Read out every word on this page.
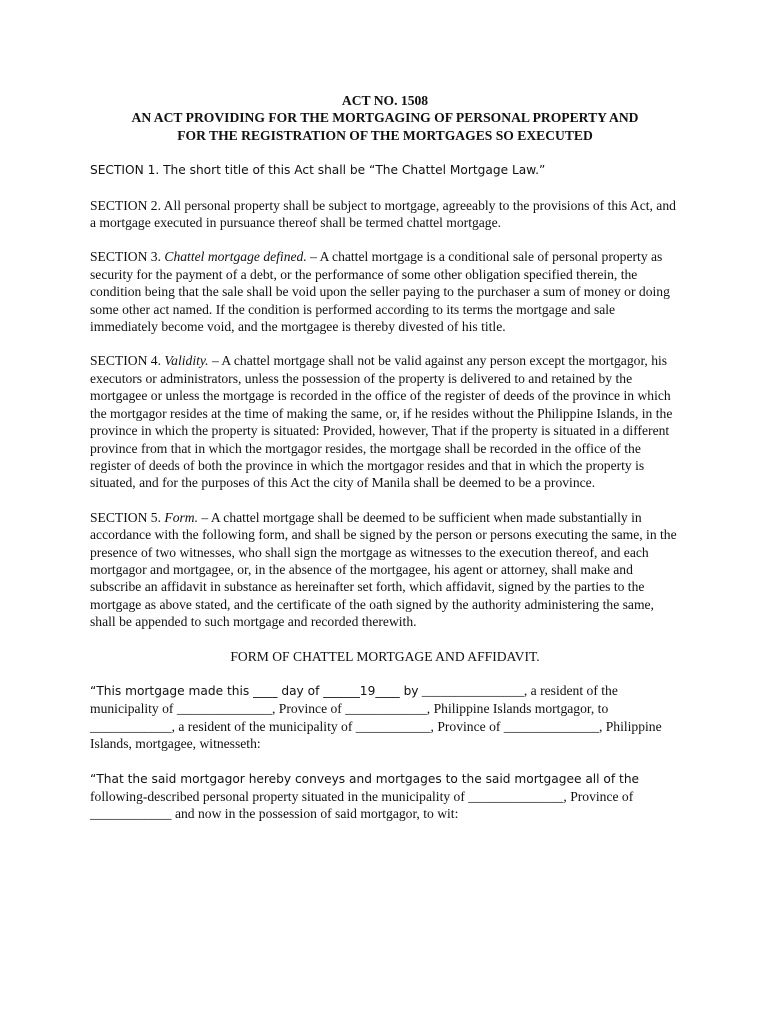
ACT NO. 1508

AN ACT PROVIDING FOR THE MORTGAGING OF PERSONAL PROPERTY AND

FOR THE REGISTRATION OF THE MORTGAGES SO EXECUTED

SECTION 1. The short title of this Act shall be “The Chattel Mortgage Law.”

SECTION 2. All personal property shall be subject to mortgage, agreeably to the provisions of this Act, and a mortgage executed in pursuance thereof shall be termed chattel mortgage.

SECTION 3. Chattel mortgage defined. – A chattel mortgage is a conditional sale of personal property as security for the payment of a debt, or the performance of some other obligation specified therein, the condition being that the sale shall be void upon the seller paying to the purchaser a sum of money or doing some other act named. If the condition is performed according to its terms the mortgage and sale immediately become void, and the mortgagee is thereby divested of his title.

SECTION 4. Validity. – A chattel mortgage shall not be valid against any person except the mortgagor, his executors or administrators, unless the possession of the property is delivered to and retained by the mortgagee or unless the mortgage is recorded in the office of the register of deeds of the province in which the mortgagor resides at the time of making the same, or, if he resides without the Philippine Islands, in the province in which the property is situated: Provided, however, That if the property is situated in a different province from that in which the mortgagor resides, the mortgage shall be recorded in the office of the register of deeds of both the province in which the mortgagor resides and that in which the property is situated, and for the purposes of this Act the city of Manila shall be deemed to be a province.

SECTION 5. Form. – A chattel mortgage shall be deemed to be sufficient when made substantially in accordance with the following form, and shall be signed by the person or persons executing the same, in the presence of two witnesses, who shall sign the mortgage as witnesses to the execution thereof, and each mortgagor and mortgagee, or, in the absence of the mortgagee, his agent or attorney, shall make and subscribe an affidavit in substance as hereinafter set forth, which affidavit, signed by the parties to the mortgage as above stated, and the certificate of the oath signed by the authority administering the same, shall be appended to such mortgage and recorded therewith.

FORM OF CHATTEL MORTGAGE AND AFFIDAVIT.

“This mortgage made this ____ day of ______19____ by _______________, a resident of the municipality of ______________, Province of ____________, Philippine Islands mortgagor, to ____________, a resident of the municipality of ___________, Province of ______________, Philippine Islands, mortgagee, witnesseth:

“That the said mortgagor hereby conveys and mortgages to the said mortgagee all of the following-described personal property situated in the municipality of ______________, Province of ____________ and now in the possession of said mortgagor, to wit:
